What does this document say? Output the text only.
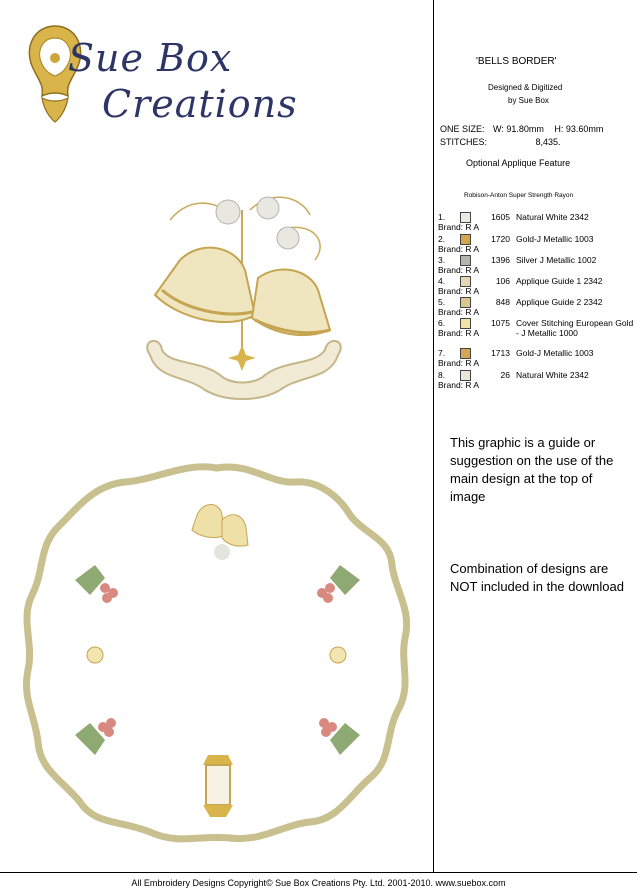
Sue Box
Creations
'BELLS BORDER'
Designed & Digitized
by Sue Box
ONE SIZE: W: 91.80mm H: 93.60mm
STITCHES:	8,435.
Optional Applique Feature
Robison-Anton Super Strength Rayon
1.	1605 Natural White 2342
Brand: R A
2.	1720 Gold-J Metallic 1003
Brand: R A
3.	1396 Silver J Metallic 1002
Brand: R A
4.	106 Applique Guide 1 2342
Brand: R A
5.	848 Applique Guide 2 2342
Brand: R A
6.	1075 Cover Stitching European Gold - J Metallic 1000
Brand: R A
7.	1713 Gold-J Metallic 1003
Brand: R A
8.	26 Natural White 2342
Brand: R A
This graphic is a guide or suggestion on the use of the main design at the top of image
Combination of designs are NOT included in the download
All Embroidery Designs Copyright© Sue Box Creations Pty. Ltd. 2001-2010. www.suebox.com
